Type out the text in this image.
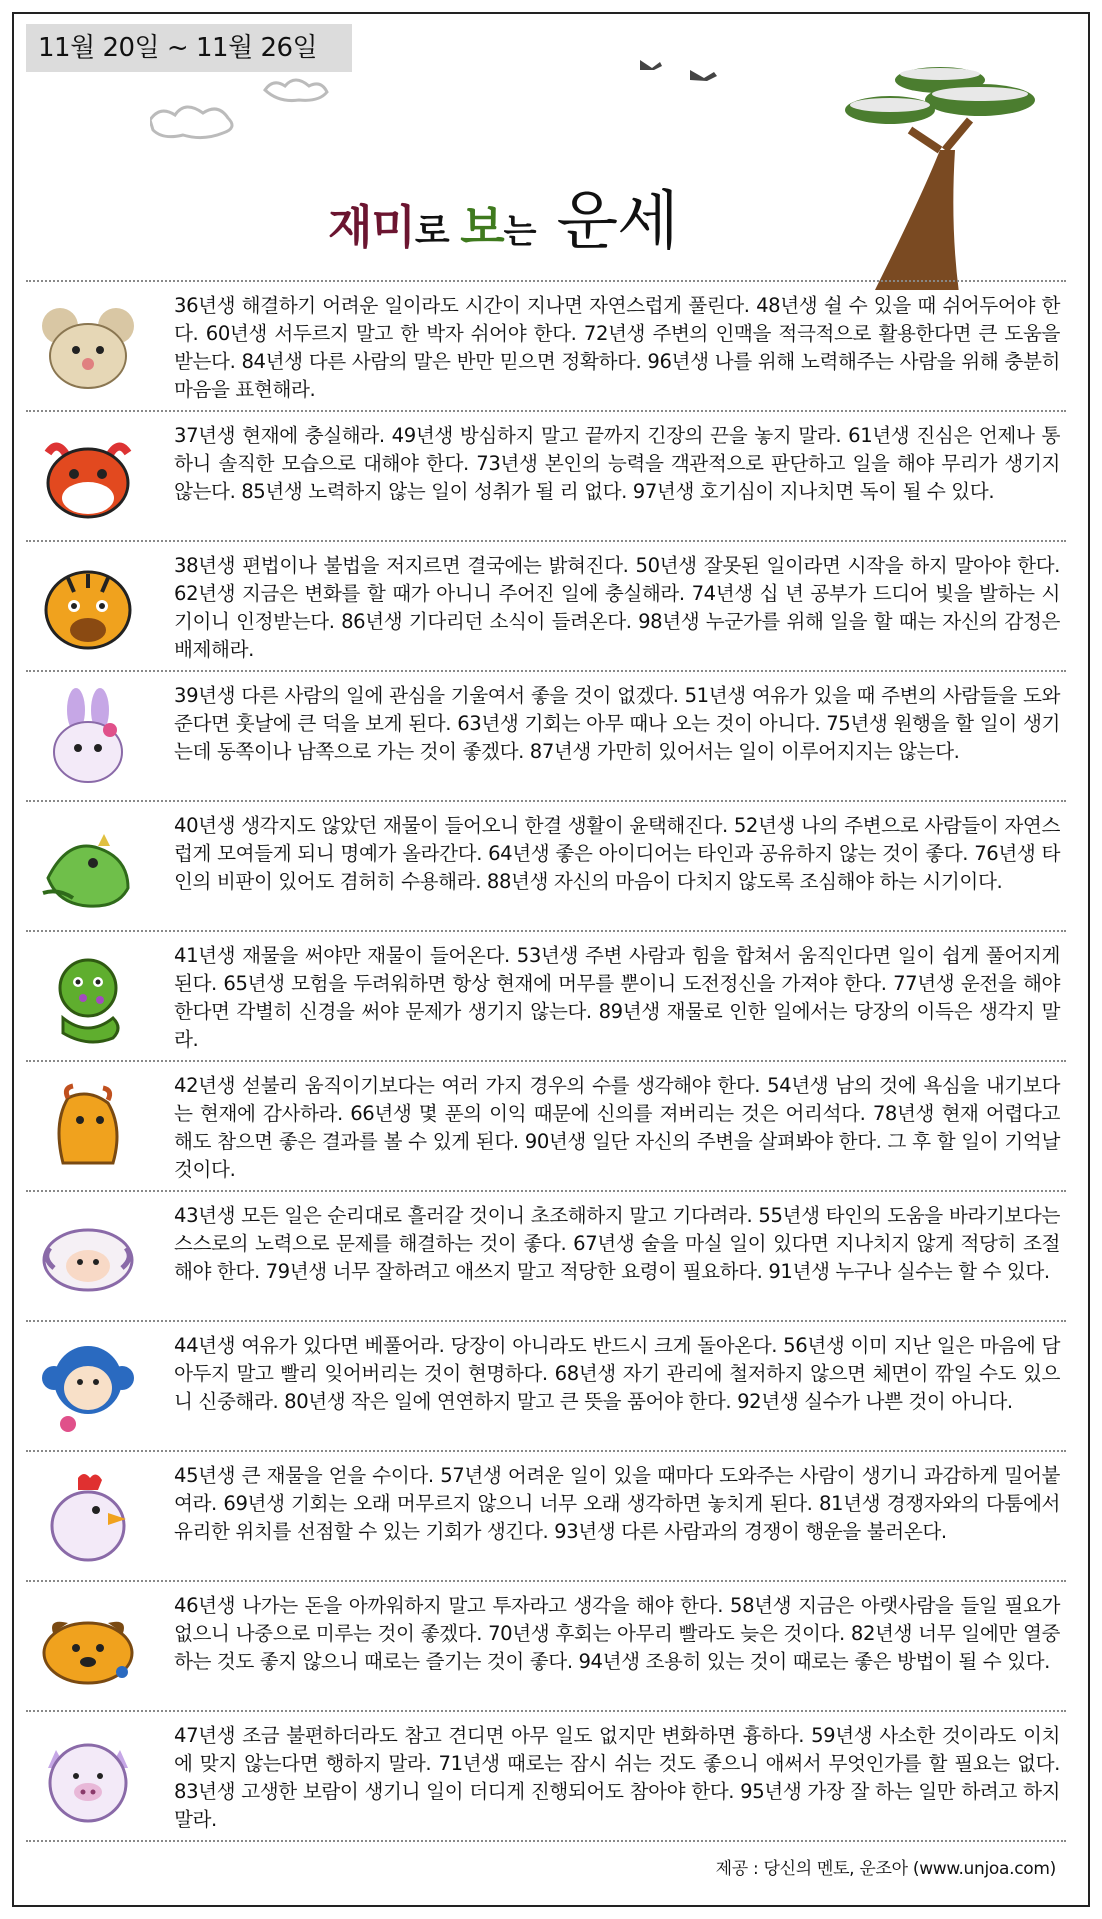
11월 20일 ~ 11월 26일
재미로 보는 운세
36년생 해결하기 어려운 일이라도 시간이 지나면 자연스럽게 풀린다. 48년생 쉴 수 있을 때 쉬어두어야 한다. 60년생 서두르지 말고 한 박자 쉬어야 한다. 72년생 주변의 인맥을 적극적으로 활용한다면 큰 도움을 받는다. 84년생 다른 사람의 말은 반만 믿으면 정확하다. 96년생 나를 위해 노력해주는 사람을 위해 충분히 마음을 표현해라.
37년생 현재에 충실해라. 49년생 방심하지 말고 끝까지 긴장의 끈을 놓지 말라. 61년생 진심은 언제나 통하니 솔직한 모습으로 대해야 한다. 73년생 본인의 능력을 객관적으로 판단하고 일을 해야 무리가 생기지 않는다. 85년생 노력하지 않는 일이 성취가 될 리 없다. 97년생 호기심이 지나치면 독이 될 수 있다.
38년생 편법이나 불법을 저지르면 결국에는 밝혀진다. 50년생 잘못된 일이라면 시작을 하지 말아야 한다. 62년생 지금은 변화를 할 때가 아니니 주어진 일에 충실해라. 74년생 십 년 공부가 드디어 빛을 발하는 시기이니 인정받는다. 86년생 기다리던 소식이 들려온다. 98년생 누군가를 위해 일을 할 때는 자신의 감정은 배제해라.
39년생 다른 사람의 일에 관심을 기울여서 좋을 것이 없겠다. 51년생 여유가 있을 때 주변의 사람들을 도와준다면 훗날에 큰 덕을 보게 된다. 63년생 기회는 아무 때나 오는 것이 아니다. 75년생 원행을 할 일이 생기는데 동쪽이나 남쪽으로 가는 것이 좋겠다. 87년생 가만히 있어서는 일이 이루어지지는 않는다.
40년생 생각지도 않았던 재물이 들어오니 한결 생활이 윤택해진다. 52년생 나의 주변으로 사람들이 자연스럽게 모여들게 되니 명예가 올라간다. 64년생 좋은 아이디어는 타인과 공유하지 않는 것이 좋다. 76년생 타인의 비판이 있어도 겸허히 수용해라. 88년생 자신의 마음이 다치지 않도록 조심해야 하는 시기이다.
41년생 재물을 써야만 재물이 들어온다. 53년생 주변 사람과 힘을 합쳐서 움직인다면 일이 쉽게 풀어지게 된다. 65년생 모험을 두려워하면 항상 현재에 머무를 뿐이니 도전정신을 가져야 한다. 77년생 운전을 해야 한다면 각별히 신경을 써야 문제가 생기지 않는다. 89년생 재물로 인한 일에서는 당장의 이득은 생각지 말라.
42년생 섣불리 움직이기보다는 여러 가지 경우의 수를 생각해야 한다. 54년생 남의 것에 욕심을 내기보다는 현재에 감사하라. 66년생 몇 푼의 이익 때문에 신의를 져버리는 것은 어리석다. 78년생 현재 어렵다고 해도 참으면 좋은 결과를 볼 수 있게 된다. 90년생 일단 자신의 주변을 살펴봐야 한다. 그 후 할 일이 기억날 것이다.
43년생 모든 일은 순리대로 흘러갈 것이니 초조해하지 말고 기다려라. 55년생 타인의 도움을 바라기보다는 스스로의 노력으로 문제를 해결하는 것이 좋다. 67년생 술을 마실 일이 있다면 지나치지 않게 적당히 조절해야 한다. 79년생 너무 잘하려고 애쓰지 말고 적당한 요령이 필요하다. 91년생 누구나 실수는 할 수 있다.
44년생 여유가 있다면 베풀어라. 당장이 아니라도 반드시 크게 돌아온다. 56년생 이미 지난 일은 마음에 담아두지 말고 빨리 잊어버리는 것이 현명하다. 68년생 자기 관리에 철저하지 않으면 체면이 깎일 수도 있으니 신중해라. 80년생 작은 일에 연연하지 말고 큰 뜻을 품어야 한다. 92년생 실수가 나쁜 것이 아니다.
45년생 큰 재물을 얻을 수이다. 57년생 어려운 일이 있을 때마다 도와주는 사람이 생기니 과감하게 밀어붙여라. 69년생 기회는 오래 머무르지 않으니 너무 오래 생각하면 놓치게 된다. 81년생 경쟁자와의 다툼에서 유리한 위치를 선점할 수 있는 기회가 생긴다. 93년생 다른 사람과의 경쟁이 행운을 불러온다.
46년생 나가는 돈을 아까워하지 말고 투자라고 생각을 해야 한다. 58년생 지금은 아랫사람을 들일 필요가 없으니 나중으로 미루는 것이 좋겠다. 70년생 후회는 아무리 빨라도 늦은 것이다. 82년생 너무 일에만 열중하는 것도 좋지 않으니 때로는 즐기는 것이 좋다. 94년생 조용히 있는 것이 때로는 좋은 방법이 될 수 있다.
47년생 조금 불편하더라도 참고 견디면 아무 일도 없지만 변화하면 흉하다. 59년생 사소한 것이라도 이치에 맞지 않는다면 행하지 말라. 71년생 때로는 잠시 쉬는 것도 좋으니 애써서 무엇인가를 할 필요는 없다. 83년생 고생한 보람이 생기니 일이 더디게 진행되어도 참아야 한다. 95년생 가장 잘 하는 일만 하려고 하지 말라.
제공 : 당신의 멘토, 운조아 (www.unjoa.com)
